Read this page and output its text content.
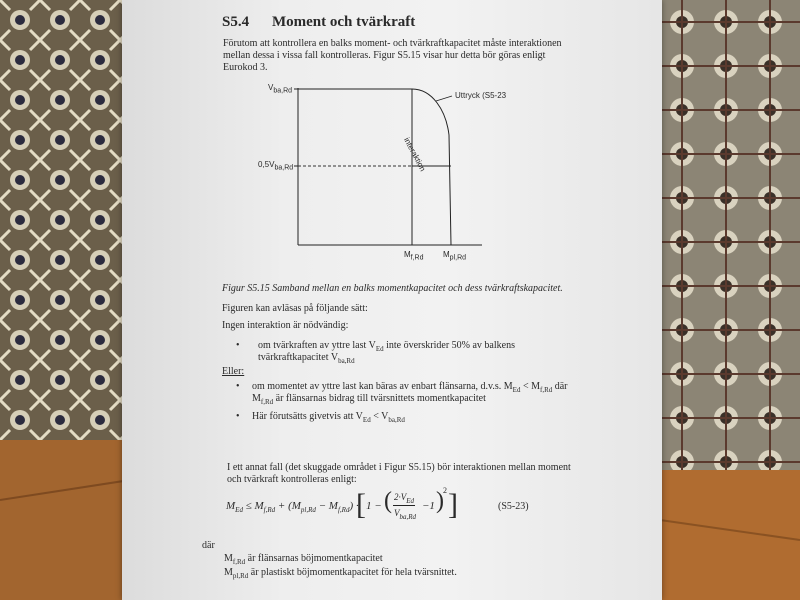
S5.4 Moment och tvärkraft
Förutom att kontrollera en balks moment- och tvärkraftkapacitet måste interaktionen
mellan dessa i vissa fall kontrolleras. Figur S5.15 visar hur detta bör göras enligt
Eurokod 3.
$V_{ba,Rd}$
$0,5V_{ba,Rd}$
$M_{f,Rd}$ $M_{pl,Rd}$
Uttryck (S5-23
interaktion
Figur S5.15 Samband mellan en balks momentkapacitet och dess tvärkraftskapacitet.
Figuren kan avläsas på följande sätt:
Ingen interaktion är nödvändig:
• om tvärkraften av yttre last $V_{Ed}$ inte överskrider 50% av balkens
tvärkraftkapacitet $V_{ba,Rd}$
Eller:
• om momentet av yttre last kan bäras av enbart flänsarna, d.v.s. $M_{Ed} < M_{f,Rd}$ där
$M_{f,Rd}$ är flänsarnas bidrag till tvärsnittets momentkapacitet
• Här förutsätts givetvis att $V_{Ed} < V_{ba,Rd}$
I ett annat fall (det skuggade området i Figur S5.15) bör interaktionen mellan moment
och tvärkraft kontrolleras enligt:
$M_{Ed} \le M_{f,Rd} + (M_{pl,Rd} - M_{f,Rd})$ ·
[ 1 − ( $2\cdot V_{Ed}$
$V_{ba,Rd}$
−1 ) 2 ]	(S5-23)
där
$M_{f,Rd}$ är flänsarnas böjmomentkapacitet
$M_{pl,Rd}$ är plastiskt böjmomentkapacitet för hela tvärsnittet.
